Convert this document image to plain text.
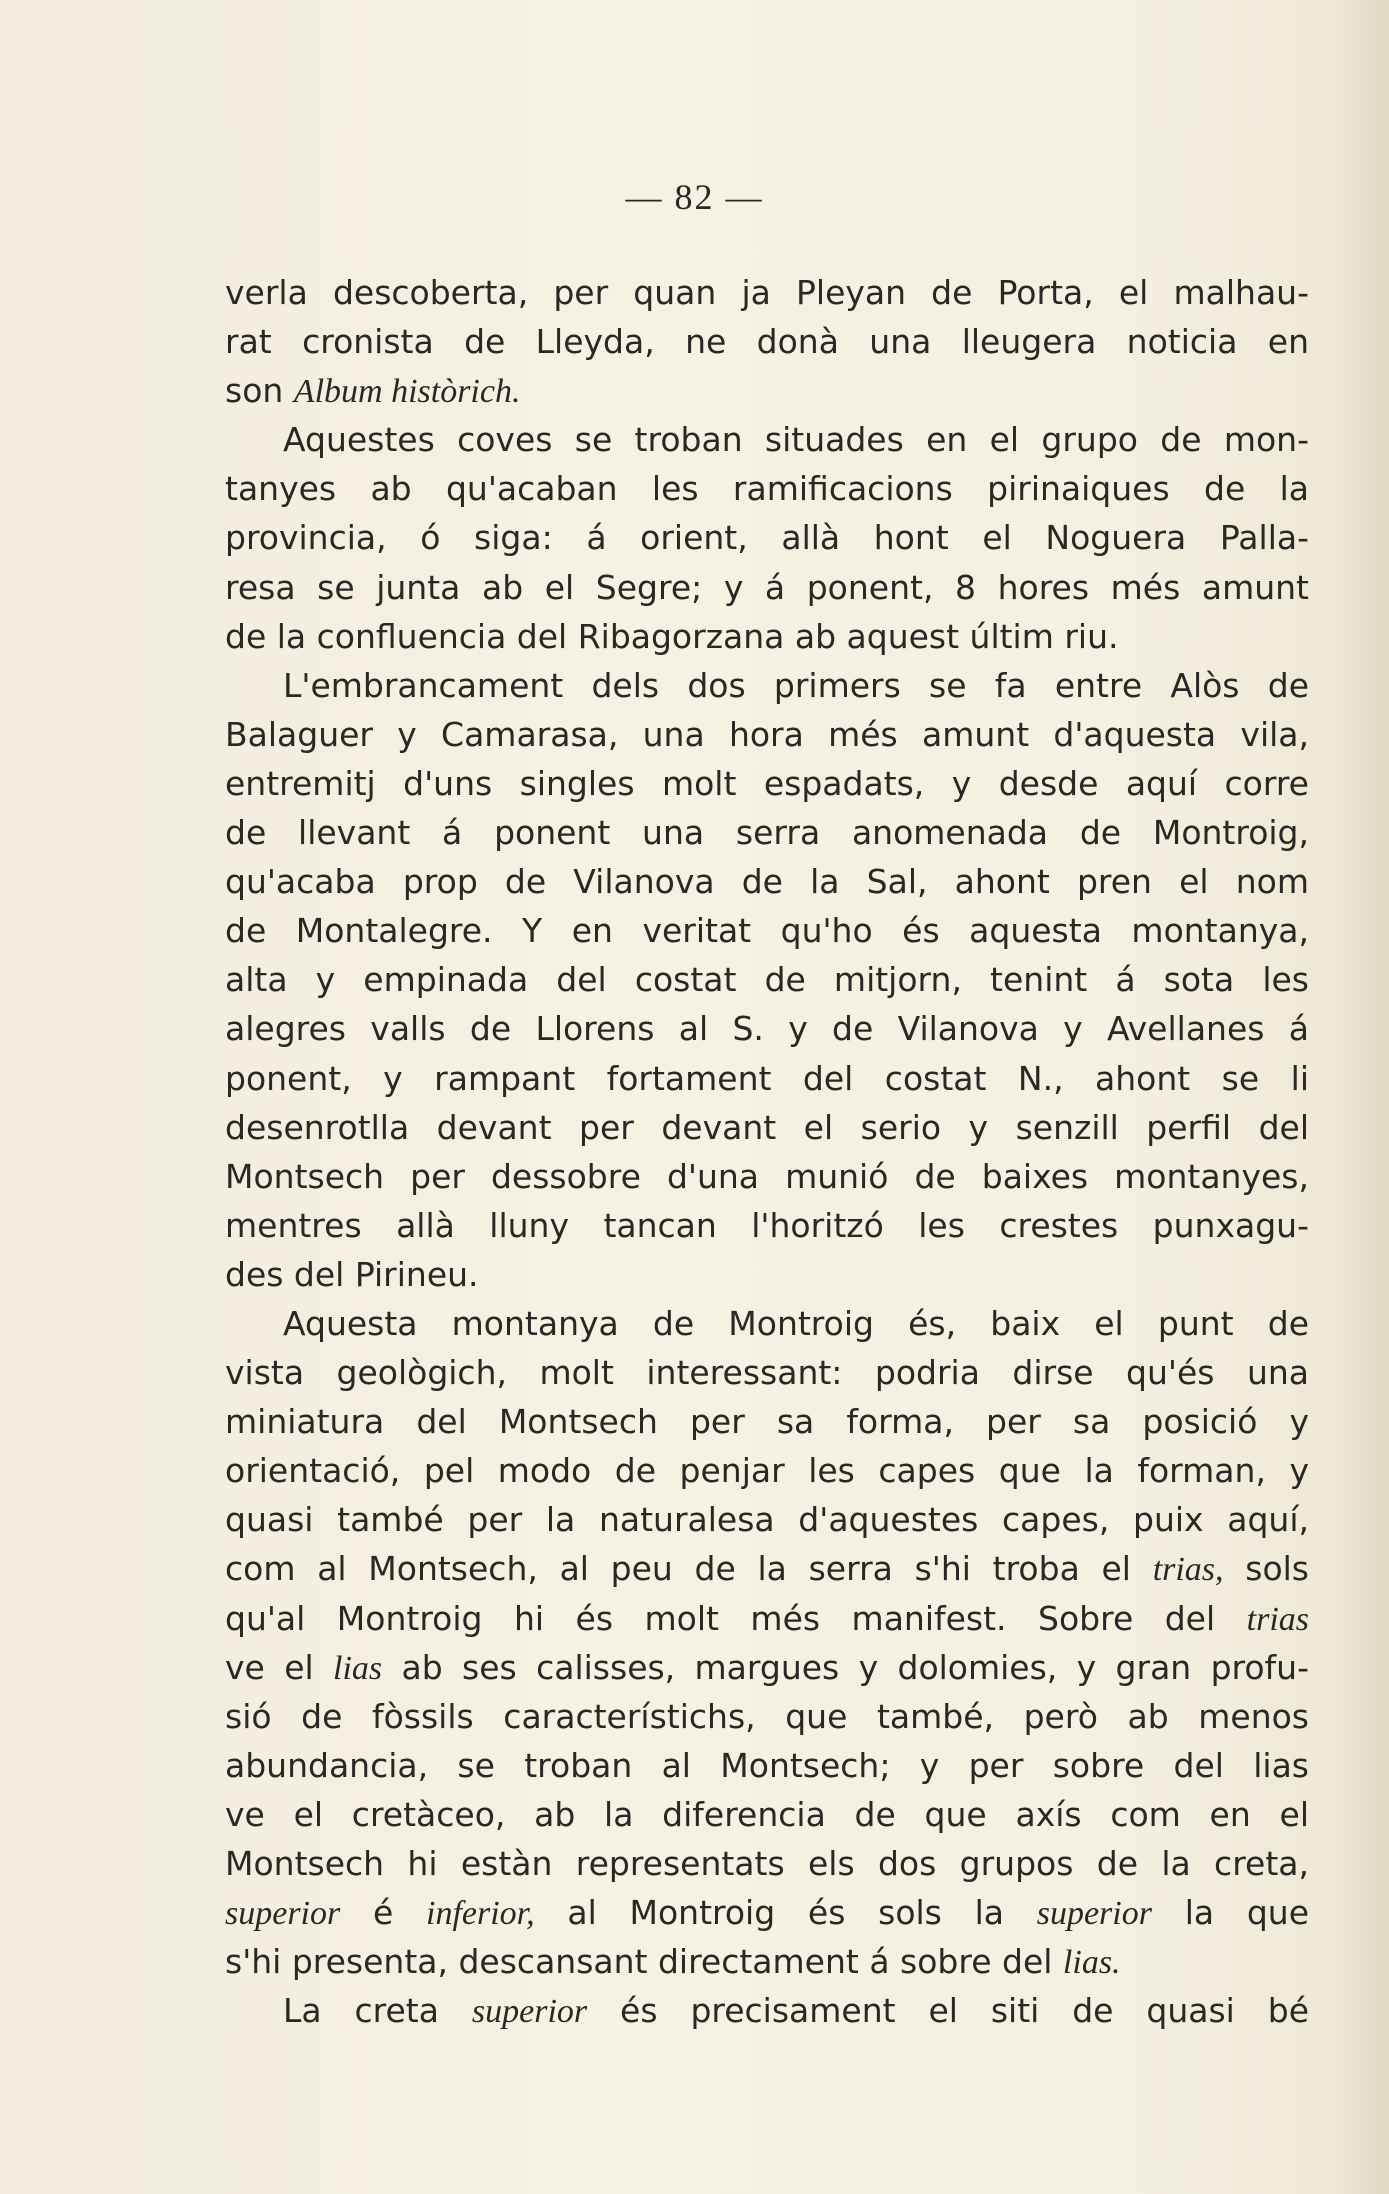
— 82 —
verla descoberta, per quan ja Pleyan de Porta, el malhau-
rat cronista de Lleyda, ne donà una lleugera noticia en
son Album històrich.
Aquestes coves se troban situades en el grupo de mon-
tanyes ab qu'acaban les ramificacions pirinaiques de la
provincia, ó siga: á orient, allà hont el Noguera Palla-
resa se junta ab el Segre; y á ponent, 8 hores més amunt
de la confluencia del Ribagorzana ab aquest últim riu.
L'embrancament dels dos primers se fa entre Alòs de
Balaguer y Camarasa, una hora més amunt d'aquesta vila,
entremitj d'uns singles molt espadats, y desde aquí corre
de llevant á ponent una serra anomenada de Montroig,
qu'acaba prop de Vilanova de la Sal, ahont pren el nom
de Montalegre. Y en veritat qu'ho és aquesta montanya,
alta y empinada del costat de mitjorn, tenint á sota les
alegres valls de Llorens al S. y de Vilanova y Avellanes á
ponent, y rampant fortament del costat N., ahont se li
desenrotlla devant per devant el serio y senzill perfil del
Montsech per dessobre d'una munió de baixes montanyes,
mentres allà lluny tancan l'horitzó les crestes punxagu-
des del Pirineu.
Aquesta montanya de Montroig és, baix el punt de
vista geològich, molt interessant: podria dirse qu'és una
miniatura del Montsech per sa forma, per sa posició y
orientació, pel modo de penjar les capes que la forman, y
quasi també per la naturalesa d'aquestes capes, puix aquí,
com al Montsech, al peu de la serra s'hi troba el trias, sols
qu'al Montroig hi és molt més manifest. Sobre del trias
ve el lias ab ses calisses, margues y dolomies, y gran profu-
sió de fòssils característichs, que també, però ab menos
abundancia, se troban al Montsech; y per sobre del lias
ve el cretàceo, ab la diferencia de que axís com en el
Montsech hi estàn representats els dos grupos de la creta,
superior é inferior, al Montroig és sols la superior la que
s'hi presenta, descansant directament á sobre del lias.
La creta superior és precisament el siti de quasi bé
